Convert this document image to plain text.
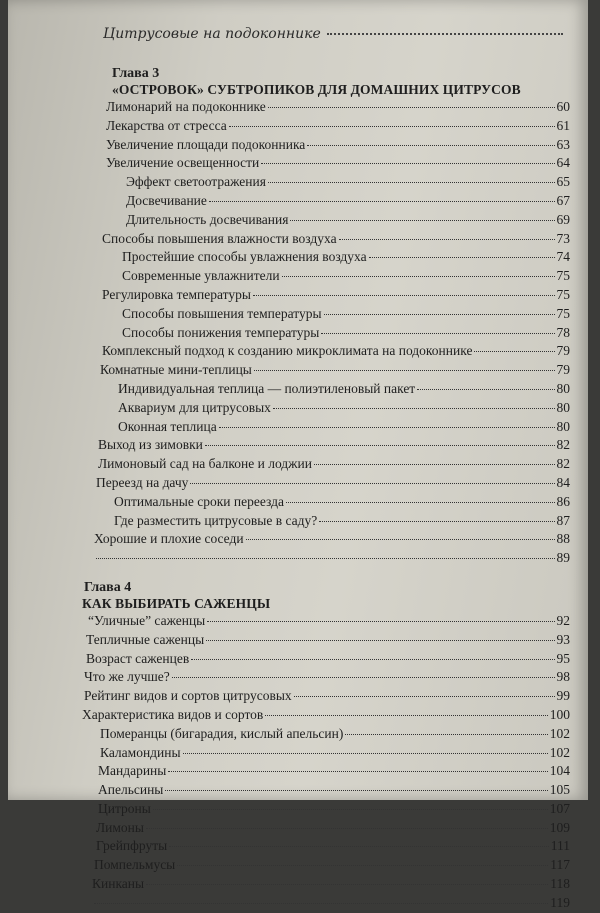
Цитрусовые на подоконнике
Глава 3
«ОСТРОВОК» СУБТРОПИКОВ ДЛЯ ДОМАШНИХ ЦИТРУСОВ
Лимонарий на подоконнике	60
Лекарства от стресса	61
Увеличение площади подоконника	63
Увеличение освещенности	64
Эффект светоотражения	65
Досвечивание	67
Длительность досвечивания	69
Способы повышения влажности воздуха	73
Простейшие способы увлажнения воздуха	74
Современные увлажнители	75
Регулировка температуры	75
Способы повышения температуры	75
Способы понижения температуры	78
Комплексный подход к созданию микроклимата на подоконнике	79
Комнатные мини-теплицы	79
Индивидуальная теплица — полиэтиленовый пакет	80
Аквариум для цитрусовых	80
Оконная теплица	80
Выход из зимовки	82
Лимоновый сад на балконе и лоджии	82
Переезд на дачу	84
Оптимальные сроки переезда	86
Где разместить цитрусовые в саду?	87
Хорошие и плохие соседи	88
89
Глава 4
КАК ВЫБИРАТЬ САЖЕНЦЫ
“Уличные” саженцы	92
Тепличные саженцы	93
Возраст саженцев	95
Что же лучше?	98
Рейтинг видов и сортов цитрусовых	99
Характеристика видов и сортов	100
Померанцы (бигарадия, кислый апельсин)	102
Каламондины	102
Мандарины	104
Апельсины	105
Цитроны	107
Лимоны	109
Грейпфруты	111
Помпельмусы	117
Кинканы	118
119
